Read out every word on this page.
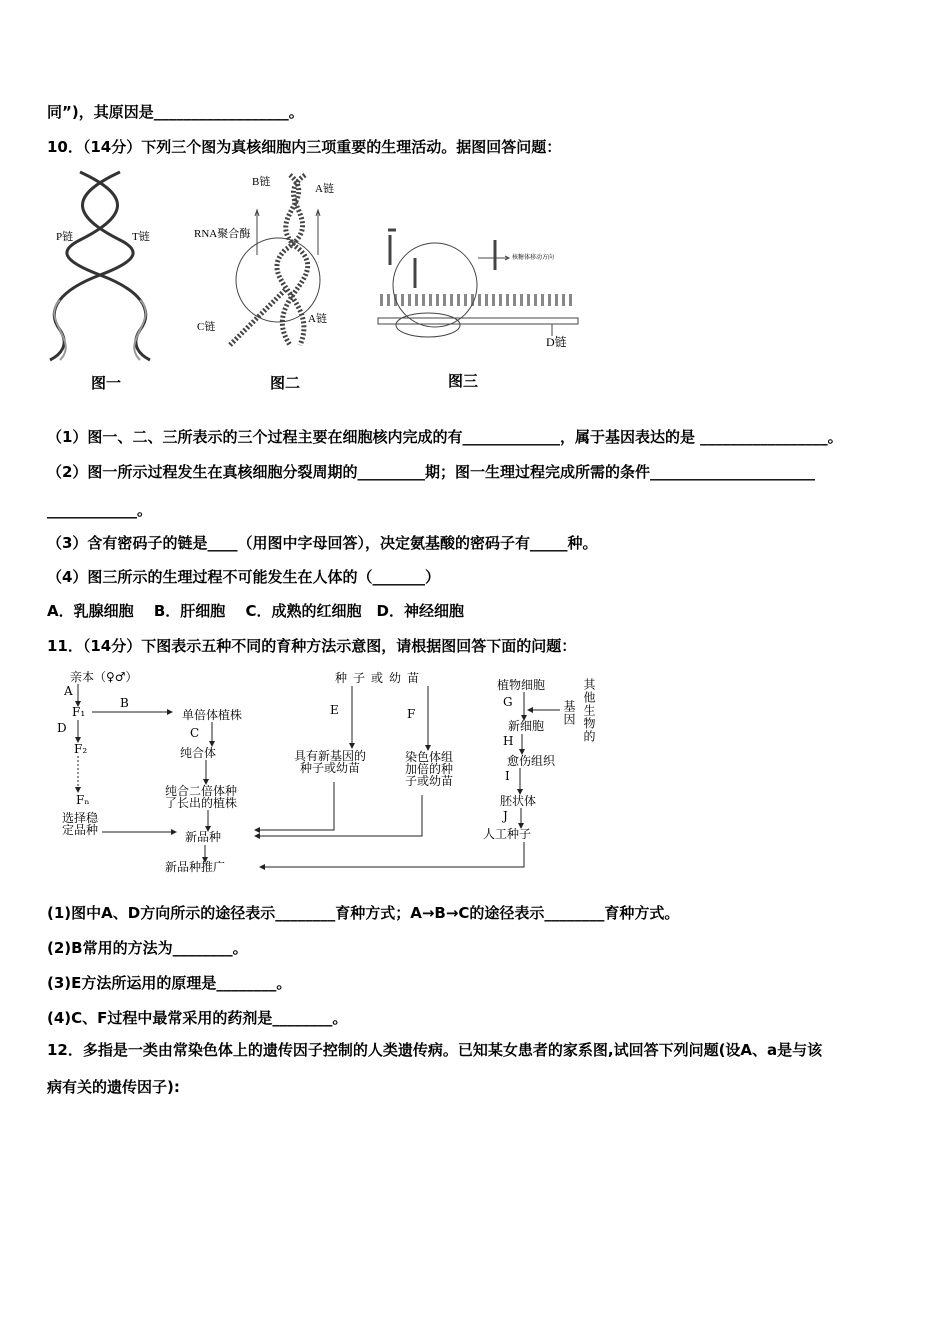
同”)，其原因是__________________。
10．（14分）下列三个图为真核细胞内三项重要的生理活动。据图回答问题：
P链	T链
B链
A链
RNA聚合酶
A链
C链
核糖体移动方向
D链
图一	图二	图三
（1）图一、二、三所表示的三个过程主要在细胞核内完成的有_____________，属于基因表达的是 _________________。
（2）图一所示过程发生在真核细胞分裂周期的_________期；图一生理过程完成所需的条件______________________
____________。
（3）含有密码子的链是____（用图中字母回答），决定氨基酸的密码子有_____种。
（4）图三所示的生理过程不可能发生在人体的（_______）
A．乳腺细胞　 B．肝细胞　 C．成熟的红细胞　D．神经细胞
11．（14分）下图表示五种不同的育种方法示意图，请根据图回答下面的问题：
亲本（♀♂）
A
F₁
B
单倍体植株
C
纯合体
纯合二倍体种
了长出的植株
D
F₂
Fₙ
选择稳定品种	新品种
新品种推广
种子或幼苗
E	F
具有新基因的种子或幼苗
染色体组加倍的种子或幼苗
植物细胞	其他生物的
基因
G
新细胞
H
愈伤组织
I
胚状体
J
人工种子
(1)图中A、D方向所示的途径表示________育种方式；A→B→C的途径表示________育种方式。
(2)B常用的方法为________。
(3)E方法所运用的原理是________。
(4)C、F过程中最常采用的药剂是________。
12．多指是一类由常染色体上的遗传因子控制的人类遗传病。已知某女患者的家系图,试回答下列问题(设A、a是与该
病有关的遗传因子):
